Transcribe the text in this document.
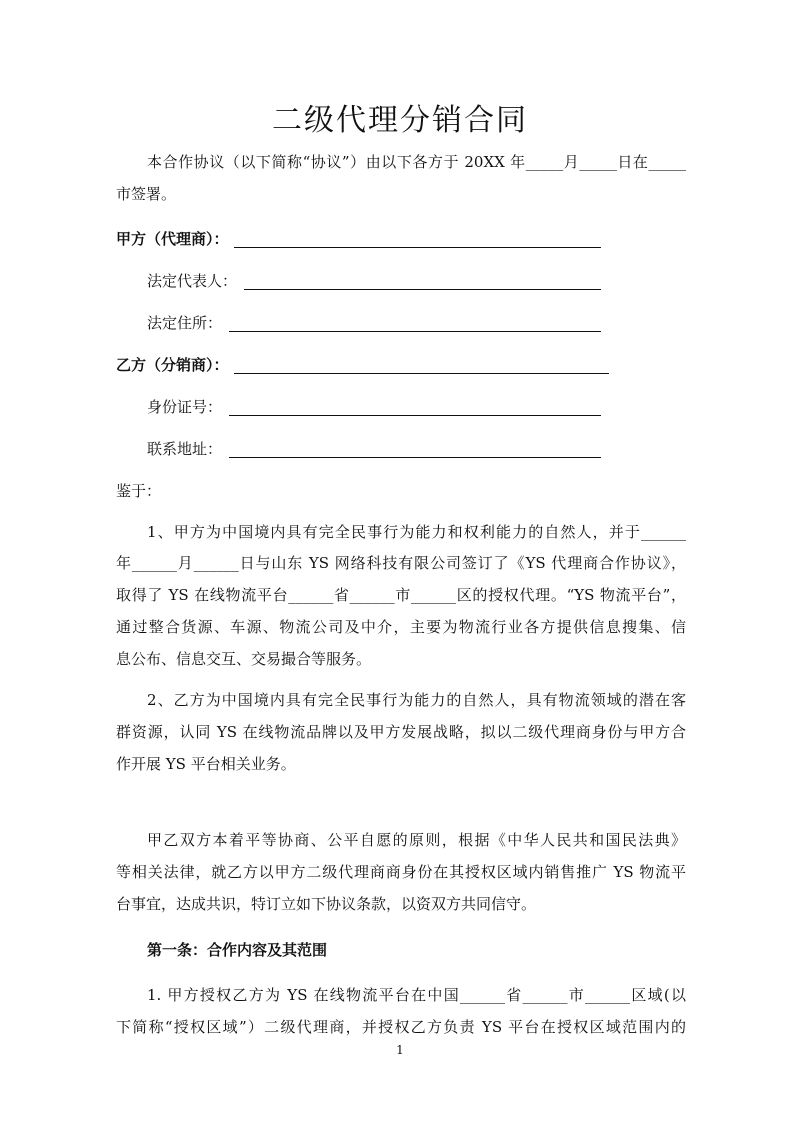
二级代理分销合同
本合作协议（以下简称“协议”）由以下各方于 20XX 年_____月_____日在_____
市签署。
甲方（代理商）：
法定代表人：
法定住所：
乙方（分销商）：
身份证号：
联系地址：
鉴于：
1、甲方为中国境内具有完全民事行为能力和权利能力的自然人，并于______
年______月______日与山东 YS 网络科技有限公司签订了《YS 代理商合作协议》，
取得了 YS 在线物流平台______省______市______区的授权代理。“YS 物流平台”，
通过整合货源、车源、物流公司及中介，主要为物流行业各方提供信息搜集、信
息公布、信息交互、交易撮合等服务。
2、乙方为中国境内具有完全民事行为能力的自然人，具有物流领域的潜在客
群资源，认同 YS 在线物流品牌以及甲方发展战略，拟以二级代理商身份与甲方合
作开展 YS 平台相关业务。
甲乙双方本着平等协商、公平自愿的原则，根据《中华人民共和国民法典》
等相关法律，就乙方以甲方二级代理商商身份在其授权区域内销售推广 YS 物流平
台事宜，达成共识，特订立如下协议条款，以资双方共同信守。
第一条：合作内容及其范围
1. 甲方授权乙方为 YS 在线物流平台在中国______省______市______区域(以
下简称“授权区域”）二级代理商，并授权乙方负责 YS 平台在授权区域范围内的
1
